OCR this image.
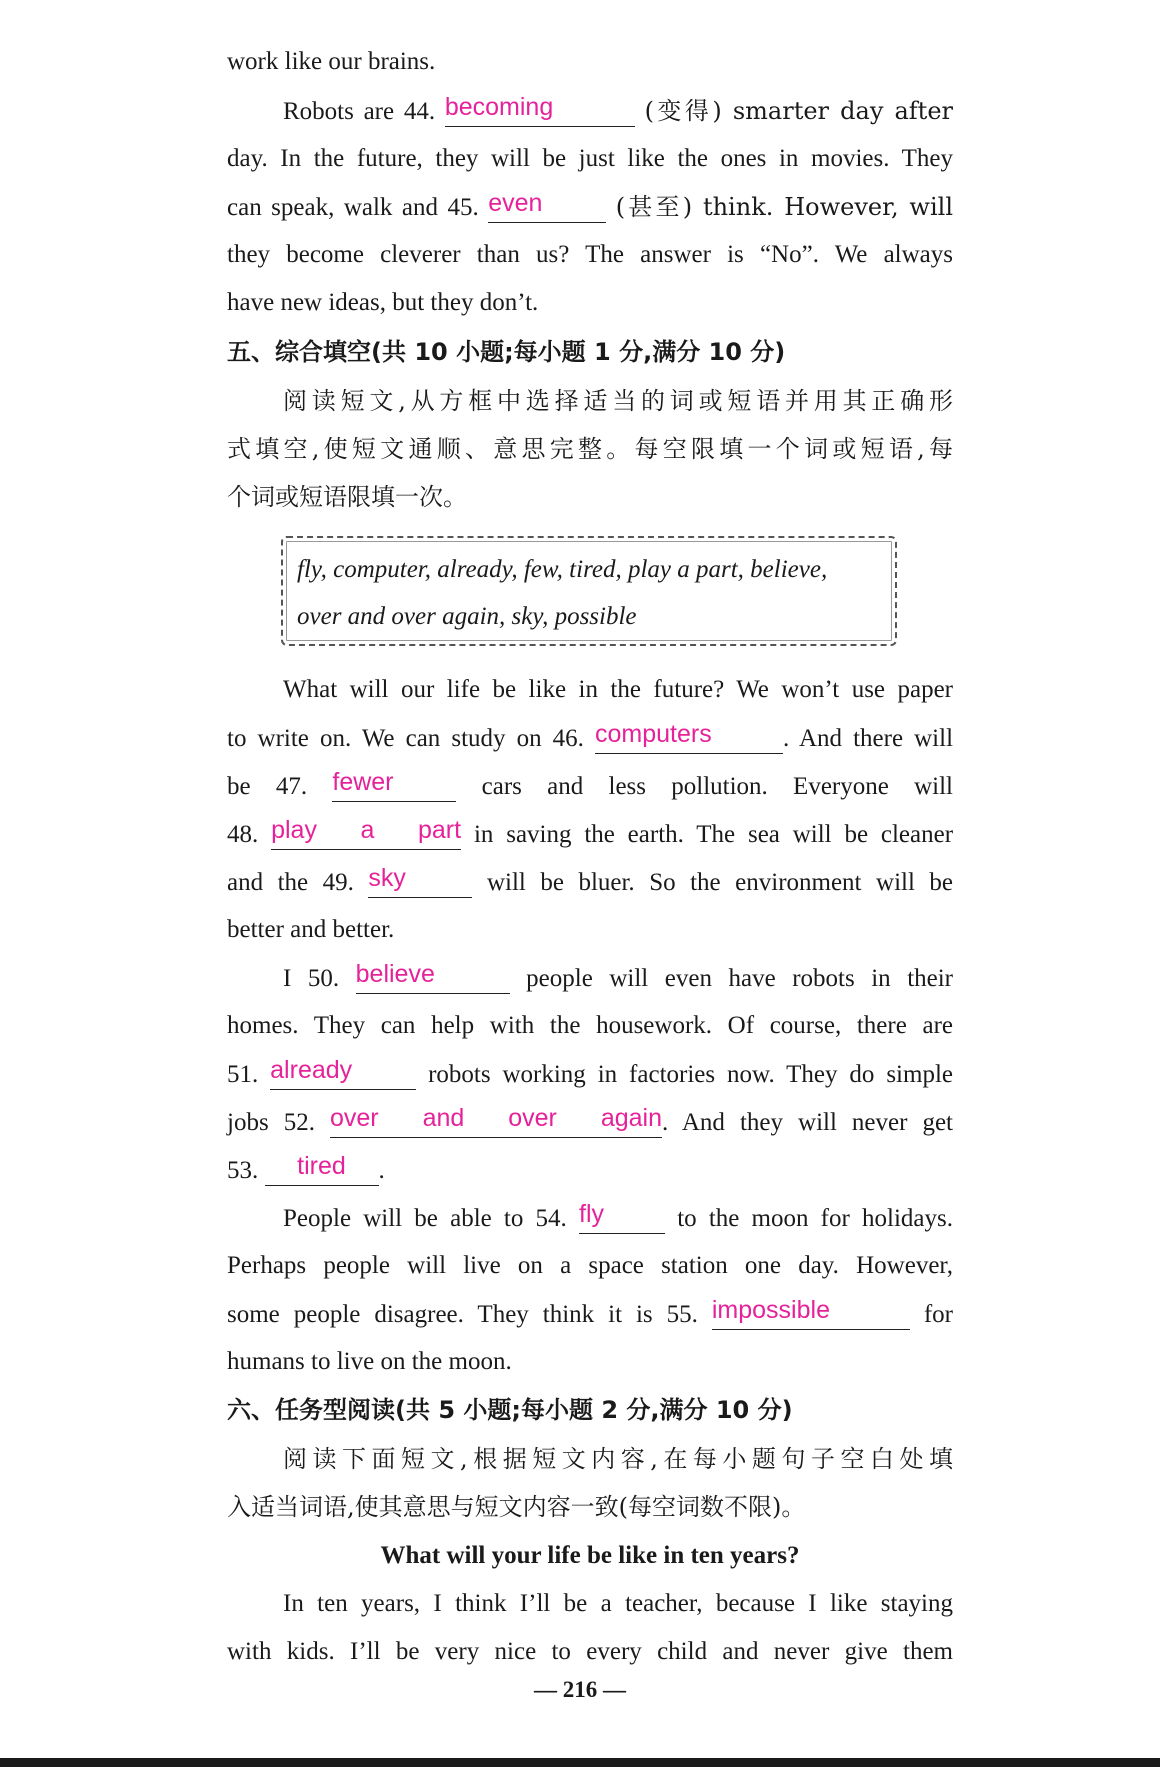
work like our brains.
Robots are 44. becoming	(变得) smarter day after
day. In the future, they will be just like the ones in movies. They
can speak, walk and 45. even	(甚至) think. However, will
they become cleverer than us? The answer is “No”. We always
have new ideas, but they don’t.
五、综合填空(共 10 小题;每小题 1 分,满分 10 分)
阅读短文,从方框中选择适当的词或短语并用其正确形
式填空,使短文通顺、意思完整。每空限填一个词或短语,每
个词或短语限填一次。
fly, computer, already, few, tired, play a part, believe,
over and over again, sky, possible
What will our life be like in the future? We won’t use paper
to write on. We can study on 46. computers	. And there will
be 47. fewer	cars and less pollution. Everyone will
48. play a part in saving the earth. The sea will be cleaner
and the 49. sky	will be bluer. So the environment will be
better and better.
I 50. believe	people will even have robots in their
homes. They can help with the housework. Of course, there are
51. already	robots working in factories now. They do simple
jobs 52. over and over again . And they will never get
53.	tired	.
People will be able to 54. fly	to the moon for holidays.
Perhaps people will live on a space station one day. However,
some people disagree. They think it is 55. impossible	for
humans to live on the moon.
六、任务型阅读(共 5 小题;每小题 2 分,满分 10 分)
阅读下面短文,根据短文内容,在每小题句子空白处填
入适当词语,使其意思与短文内容一致(每空词数不限)。
What will your life be like in ten years?
In ten years, I think I’ll be a teacher, because I like staying
with kids. I’ll be very nice to every child and never give them
— 216 —
